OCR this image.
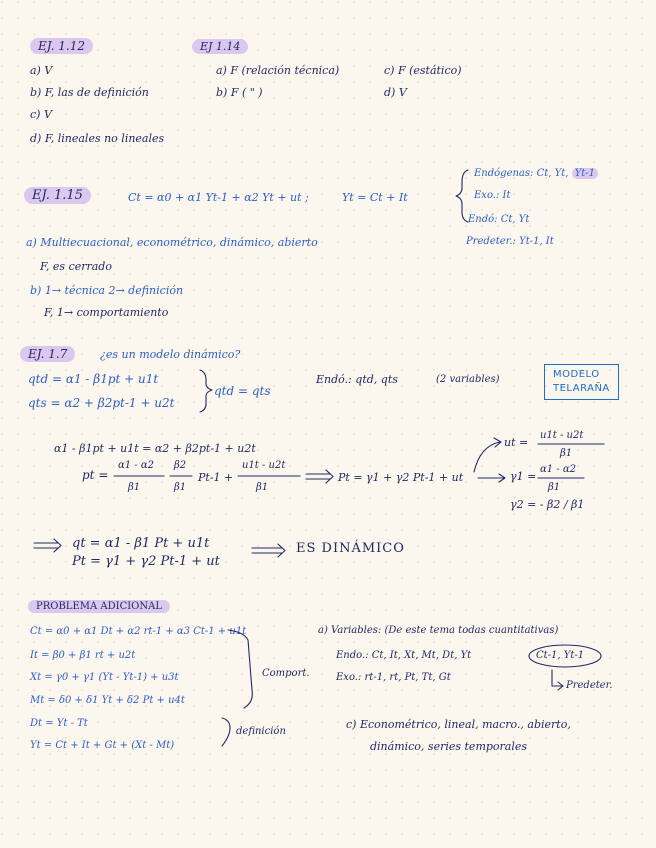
EJ. 1.12
a) V
b) F, las de definición
c) V
d) F, lineales no lineales
EJ 1.14
a) F (relación técnica)
b) F ( " )
c) F (estático)
d) V
EJ. 1.15	Ct = α0 + α1 Yt-1 + α2 Yt + ut ;	Yt = Ct + It
Endógenas: Ct, Yt, Yt-1
Exo.: It
Endó: Ct, Yt
Predeter.: Yt-1, It
a) Multiecuacional, econométrico, dinámico, abierto
F, es cerrado
b) 1→ técnica 2→ definición
F, 1→ comportamiento
EJ. 1.7	¿es un modelo dinámico?
qtd = α1 - β1pt + u1t
qts = α2 + β2pt-1 + u2t
qtd = qts
Endó.: qtd, qts	(2 variables)	MODELO
TELARAÑA
α1 - β1pt + u1t = α2 + β2pt-1 + u2t
pt =
α1 - α2
β1
β2
β1
Pt-1 +
u1t - u2t
β1
Pt = γ1 + γ2 Pt-1 + ut
ut =
u1t - u2t
β1
γ1 =
α1 - α2
β1
γ2 = - β2 / β1
qt = α1 - β1 Pt + u1t
Pt = γ1 + γ2 Pt-1 + ut
ES DINÁMICO
PROBLEMA ADICIONAL
Ct = α0 + α1 Dt + α2 rt-1 + α3 Ct-1 + u1t
It = β0 + β1 rt + u2t
Xt = γ0 + γ1 (Yt - Yt-1) + u3t
Mt = δ0 + δ1 Yt + δ2 Pt + u4t
Dt = Yt - Tt
Yt = Ct + It + Gt + (Xt - Mt)
Comport.
definición
a) Variables: (De este tema todas cuantitativas)
Endo.: Ct, It, Xt, Mt, Dt, Yt	Ct-1, Yt-1
Exo.: rt-1, rt, Pt, Tt, Gt
Predeter.
c) Econométrico, lineal, macro., abierto,
dinámico, series temporales
